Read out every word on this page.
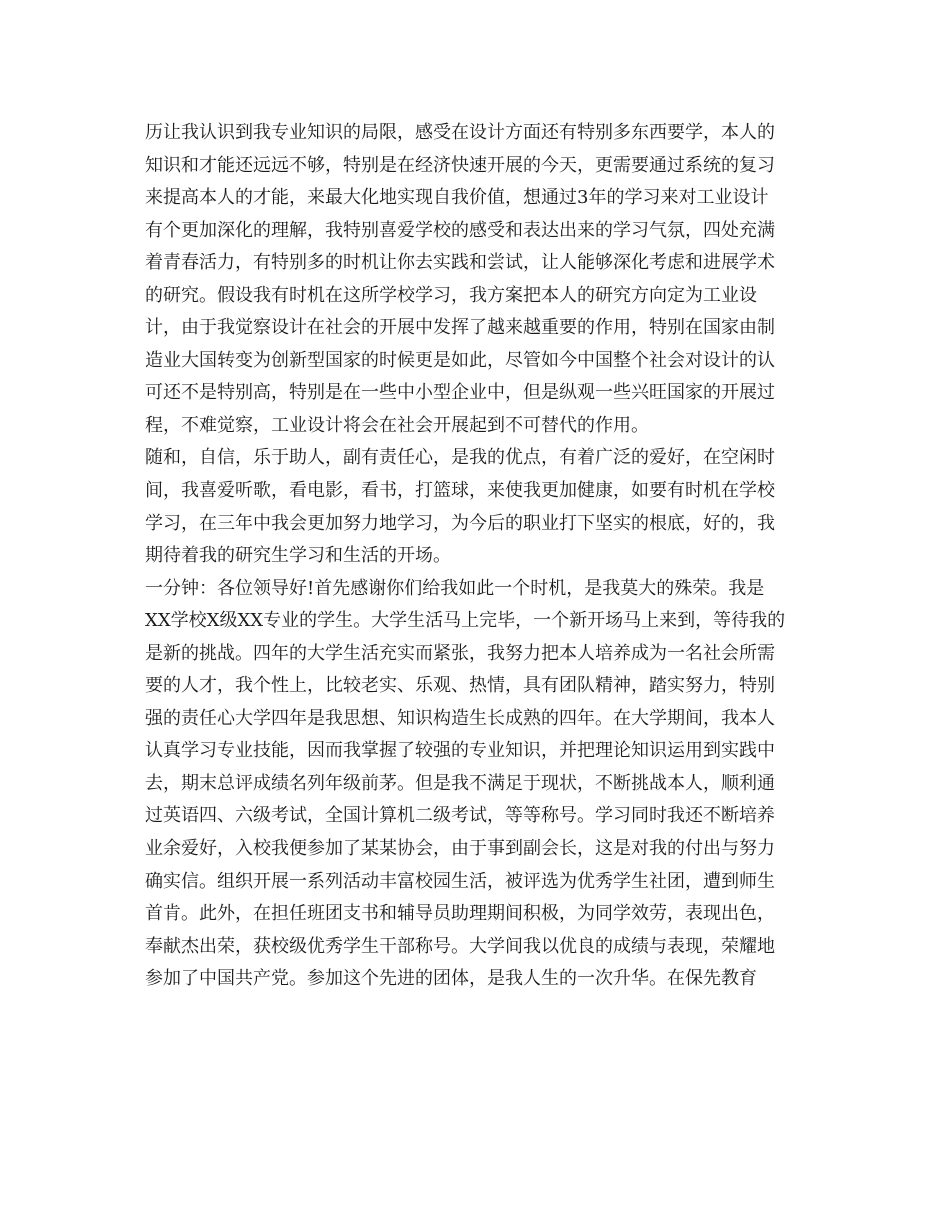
历让我认识到我专业知识的局限，感受在设计方面还有特别多东西要学，本人的
知识和才能还远远不够，特别是在经济快速开展的今天，更需要通过系统的复习
来提高本人的才能，来最大化地实现自我价值，想通过3年的学习来对工业设计
有个更加深化的理解，我特别喜爱学校的感受和表达出来的学习气氛，四处充满
着青春活力，有特别多的时机让你去实践和尝试，让人能够深化考虑和进展学术
的研究。假设我有时机在这所学校学习，我方案把本人的研究方向定为工业设
计，由于我觉察设计在社会的开展中发挥了越来越重要的作用，特别在国家由制
造业大国转变为创新型国家的时候更是如此，尽管如今中国整个社会对设计的认
可还不是特别高，特别是在一些中小型企业中，但是纵观一些兴旺国家的开展过
程，不难觉察，工业设计将会在社会开展起到不可替代的作用。
随和，自信，乐于助人，副有责任心，是我的优点，有着广泛的爱好，在空闲时
间，我喜爱听歌，看电影，看书，打篮球，来使我更加健康，如要有时机在学校
学习，在三年中我会更加努力地学习，为今后的职业打下坚实的根底，好的，我
期待着我的研究生学习和生活的开场。
一分钟：各位领导好!首先感谢你们给我如此一个时机，是我莫大的殊荣。我是
XX学校X级XX专业的学生。大学生活马上完毕，一个新开场马上来到，等待我的
是新的挑战。四年的大学生活充实而紧张，我努力把本人培养成为一名社会所需
要的人才，我个性上，比较老实、乐观、热情，具有团队精神，踏实努力，特别
强的责任心大学四年是我思想、知识构造生长成熟的四年。在大学期间，我本人
认真学习专业技能，因而我掌握了较强的专业知识，并把理论知识运用到实践中
去，期末总评成绩名列年级前茅。但是我不满足于现状，不断挑战本人，顺利通
过英语四、六级考试，全国计算机二级考试，等等称号。学习同时我还不断培养
业余爱好，入校我便参加了某某协会，由于事到副会长，这是对我的付出与努力
确实信。组织开展一系列活动丰富校园生活，被评选为优秀学生社团，遭到师生
首肯。此外，在担任班团支书和辅导员助理期间积极，为同学效劳，表现出色，
奉献杰出荣，获校级优秀学生干部称号。大学间我以优良的成绩与表现，荣耀地
参加了中国共产党。参加这个先进的团体，是我人生的一次升华。在保先教育
